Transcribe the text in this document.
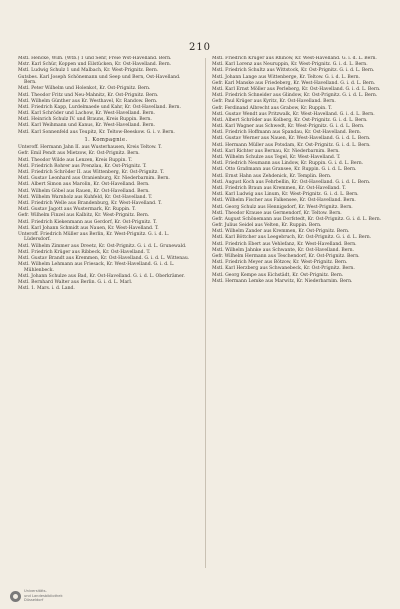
210
Mstl. Hencke, Wilh. (Wtb.) 1 und Sehr, Freie Wst-Havelland. Bern.
Mstr. Karl Schür, Koppen und Eilstücken, Kr. Ost-Havelland. Bern.
Mstl. Ludwig Schulz 1 und Malbach, Kr. West-Prignitz. Bern.
Gutsbes. Karl Joseph Schönemann und Seep und Bern, Ost-Havelland. Bern.
Mstl. Peter Wilhelm und Holenkot, Kr. Ost-Prignitz. Bern.
Mstl. Theodor Fritz und Neu-Mahnitz, Kr. Ost-Prignitz. Bern.
Mstl. Wilhelm Günther aus Kr. Westhavel, Kr. Randow. Bern.
Mstl. Friedrich Kapp, Lurdelmaede und Kahr, Kr. Ost-Havelland. Bern.
Mstl. Karl Schröder und Lachow, Kr. West-Havelland. Bern.
Mstl. Heinrich Schulz IV. und Brauns, Kreis Ruppin. Bern.
Mstl. Karl Weihmann und Kanus, Kr. West-Havelland. Bern.
Mstl. Karl Sonnenfeld aus Teupitz, Kr. Teltow-Beeskow. G. i. v. Bern.
1. Kompagnie.
Unteroff. Hermann Jahn II. aus Wusterhausen, Kreis Teltow. T.
Gefr. Emil Pendt aus Mietzow, Kr. Ost-Prignitz. Bern.
Mstl. Theodor Wilde aus Lenzen, Kreis Ruppin. T.
Mstl. Friedrich Rohrer aus Prenzlau, Kr. Ost-Prignitz. T.
Mstl. Friedrich Schröder II. aus Wittenberg, Kr. Ost-Prignitz. T.
Mstl. Gustav Leonhard aus Oranienburg, Kr. Niederbarnim. Bern.
Mstl. Albert Simon aus Marolin, Kr. Ost-Havelland. Bern.
Mstl. Wilhelm Göbel aus Rauen, Kr. Ost-Havelland. Bern.
Mstl. Wilhelm Warnholz aus Kuhfeld, Kr. Ost-Havelland. T.
Mstl. Friedrich Welle aus Brandenburg, Kr. West-Havelland. T.
Mstl. Gustav Jagott aus Wustermark, Kr. Ruppin. T.
Gefr. Wilhelm Finzel aus Kalbitz, Kr. West-Prignitz. Bern.
Mstl. Friedrich Kiekenmann aus Gerdorf, Kr. Ost-Prignitz. T.
Mstl. Karl Johann Schmidt aus Nauen, Kr. West-Havelland. T.
Unteroff. Friedrich Müller aus Berlin, Kr. West-Prignitz. G. i. d. L. Lüdersdorf.
Mstl. Wilhelm Zimmer aus Dreetz, Kr. Ost-Prignitz. G. i. d. L. Grunewald.
Mstl. Friedrich Krüger aus Ribbeck, Kr. Ost-Havelland. T.
Mstl. Gustav Brandt aus Kremmen, Kr. Ost-Havelland. G. i. d. L. Wittenau.
Mstl. Wilhelm Lehmann aus Friesack, Kr. West-Havelland. G. i. d. L. Mühlenbeck.
Mstl. Johann Schulze aus Bad, Kr. Ost-Havelland. G. i. d. L. Oberkrämer.
Mstl. Bernhard Walter aus Berlin. G. i. d. L. Marl.
Mstl. 1. Mars. i. d. Land.
Mstl. Friedrich Krüger aus Rhinow, Kr. West-Havelland. G. i. d. L. Bern.
Mstl. Karl Lorenz aus Neuruppin, Kr. West-Prignitz. G. i. d. L. Bern.
Mstl. Friedrich Schultz aus Wittstock, Kr. Ost-Prignitz. G. i. d. L. Bern.
Mstl. Johann Lange aus Wittenberge, Kr. Teltow. G. i. d. L. Bern.
Gefr. Karl Manske aus Friedeberg, Kr. West-Havelland. G. i. d. L. Bern.
Mstl. Karl Ernst Möller aus Perleberg, Kr. Ost-Havelland. G. i. d. L. Bern.
Mstl. Friedrich Schneider aus Glindow, Kr. Ost-Prignitz. G. i. d. L. Bern.
Gefr. Paul Krüger aus Kyritz, Kr. Ost-Havelland. Bern.
Gefr. Ferdinand Albrecht aus Grabow, Kr. Ruppin. T.
Mstl. Gustav Wendt aus Pritzwalk, Kr. West-Havelland. G. i. d. L. Bern.
Mstl. Albert Schröder aus Kolberg, Kr. Ost-Prignitz. G. i. d. L. Bern.
Mstl. Karl Wagner aus Schwedt, Kr. West-Prignitz. G. i. d. L. Bern.
Mstl. Friedrich Hoffmann aus Spandau, Kr. Ost-Havelland. Bern.
Mstl. Gustav Werner aus Nauen, Kr. West-Havelland. G. i. d. L. Bern.
Mstl. Hermann Müller aus Potsdam, Kr. Ost-Prignitz. G. i. d. L. Bern.
Mstl. Karl Richter aus Bernau, Kr. Niederbarnim. Bern.
Mstl. Wilhelm Schulze aus Tegel, Kr. West-Havelland. T.
Mstl. Friedrich Neumann aus Lindow, Kr. Ruppin. G. i. d. L. Bern.
Mstl. Otto Graßmann aus Gransee, Kr. Ruppin. G. i. d. L. Bern.
Mstl. Ernst Hahn aus Zehdenick, Kr. Templin. Bern.
Mstl. August Koch aus Fehrbellin, Kr. Ost-Havelland. G. i. d. L. Bern.
Mstl. Friedrich Braun aus Kremmen, Kr. Ost-Havelland. T.
Mstl. Karl Ludwig aus Linum, Kr. West-Prignitz. G. i. d. L. Bern.
Mstl. Wilhelm Fischer aus Falkensee, Kr. Ost-Havelland. Bern.
Mstl. Georg Schulz aus Hennigsdorf, Kr. West-Prignitz. Bern.
Mstl. Theodor Krause aus Germendorf, Kr. Teltow. Bern.
Gefr. August Schönemann aus Dorfstedt, Kr. Ost-Prignitz. G. i. d. L. Bern.
Gefr. Julius Seidel aus Velten, Kr. Ruppin. Bern.
Mstl. Wilhelm Zander aus Kremmen, Kr. Ost-Prignitz. Bern.
Mstl. Karl Böttcher aus Leegebruch, Kr. Ost-Prignitz. G. i. d. L. Bern.
Mstl. Friedrich Ebert aus Vehlefanz, Kr. West-Havelland. Bern.
Mstl. Wilhelm Jahnke aus Schwante, Kr. Ost-Havelland. Bern.
Gefr. Wilhelm Hermann aus Teschendorf, Kr. Ost-Prignitz. Bern.
Mstl. Friedrich Meyer aus Bötzow, Kr. West-Prignitz. Bern.
Mstl. Karl Herzberg aus Schwanebeck, Kr. Ost-Prignitz. Bern.
Mstl. Georg Kempe aus Eichstädt, Kr. Ost-Prignitz. Bern.
Mstl. Hermann Lemke aus Marwitz, Kr. Niederbarnim. Bern.
Universitäts-
und Landesbibliothek
Düsseldorf
